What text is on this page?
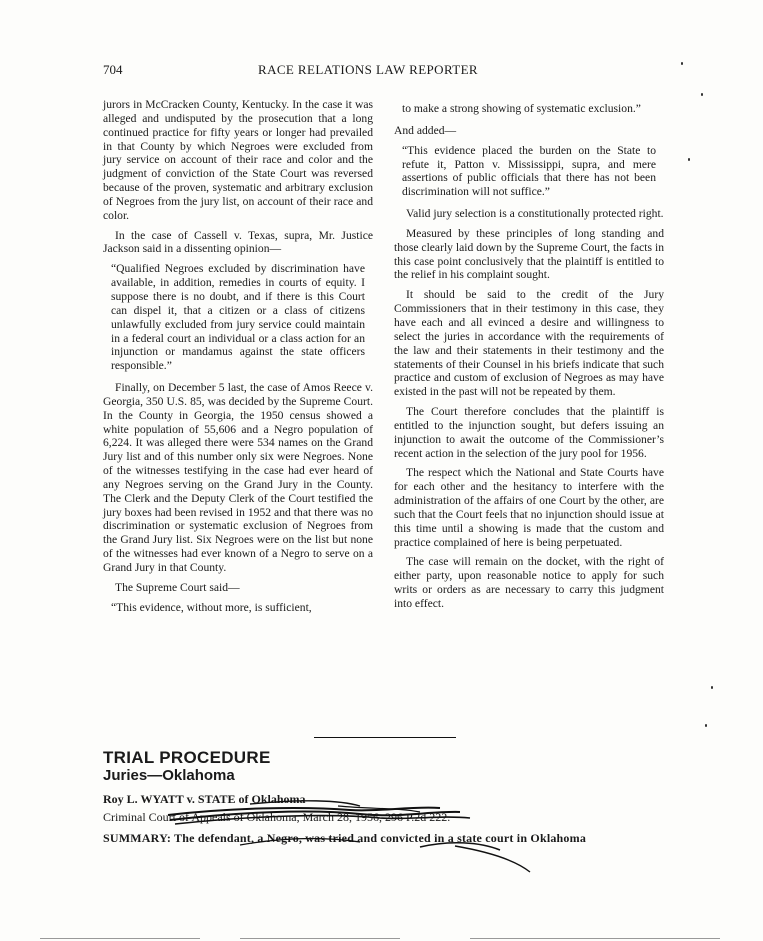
704	RACE RELATIONS LAW REPORTER

jurors in McCracken County, Kentucky. In the case it was alleged and undisputed by the prosecution that a long continued practice for fifty years or longer had prevailed in that County by which Negroes were excluded from jury service on account of their race and color and the judgment of conviction of the State Court was reversed because of the proven, systematic and arbitrary exclusion of Negroes from the jury list, on account of their race and color.

In the case of Cassell v. Texas, supra, Mr. Justice Jackson said in a dissenting opinion—

“Qualified Negroes excluded by discrimination have available, in addition, remedies in courts of equity. I suppose there is no doubt, and if there is this Court can dispel it, that a citizen or a class of citizens unlawfully excluded from jury service could maintain in a federal court an individual or a class action for an injunction or mandamus against the state officers responsible.”

Finally, on December 5 last, the case of Amos Reece v. Georgia, 350 U.S. 85, was decided by the Supreme Court. In the County in Georgia, the 1950 census showed a white population of 55,606 and a Negro population of 6,224. It was alleged there were 534 names on the Grand Jury list and of this number only six were Negroes. None of the witnesses testifying in the case had ever heard of any Negroes serving on the Grand Jury in the County. The Clerk and the Deputy Clerk of the Court testified the jury boxes had been revised in 1952 and that there was no discrimination or systematic exclusion of Negroes from the Grand Jury list. Six Negroes were on the list but none of the witnesses had ever known of a Negro to serve on a Grand Jury in that County.

The Supreme Court said—

“This evidence, without more, is sufficient,

to make a strong showing of systematic exclusion.”

And added—

“This evidence placed the burden on the State to refute it, Patton v. Mississippi, supra, and mere assertions of public officials that there has not been discrimination will not suffice.”

Valid jury selection is a constitutionally protected right.

Measured by these principles of long standing and those clearly laid down by the Supreme Court, the facts in this case point conclusively that the plaintiff is entitled to the relief in his complaint sought.

It should be said to the credit of the Jury Commissioners that in their testimony in this case, they have each and all evinced a desire and willingness to select the juries in accordance with the requirements of the law and their statements in their testimony and the statements of their Counsel in his briefs indicate that such practice and custom of exclusion of Negroes as may have existed in the past will not be repeated by them.

The Court therefore concludes that the plaintiff is entitled to the injunction sought, but defers issuing an injunction to await the outcome of the Commissioner’s recent action in the selection of the jury pool for 1956.

The respect which the National and State Courts have for each other and the hesitancy to interfere with the administration of the affairs of one Court by the other, are such that the Court feels that no injunction should issue at this time until a showing is made that the custom and practice complained of here is being perpetuated.

The case will remain on the docket, with the right of either party, upon reasonable notice to apply for such writs or orders as are necessary to carry this judgment into effect.

TRIAL PROCEDURE
Juries—Oklahoma
Roy L. WYATT v. STATE of Oklahoma
Criminal Court of Appeals of Oklahoma, March 28, 1956, 296 P.2d 222.
SUMMARY: The defendant, a Negro, was tried and convicted in a state court in Oklahoma
